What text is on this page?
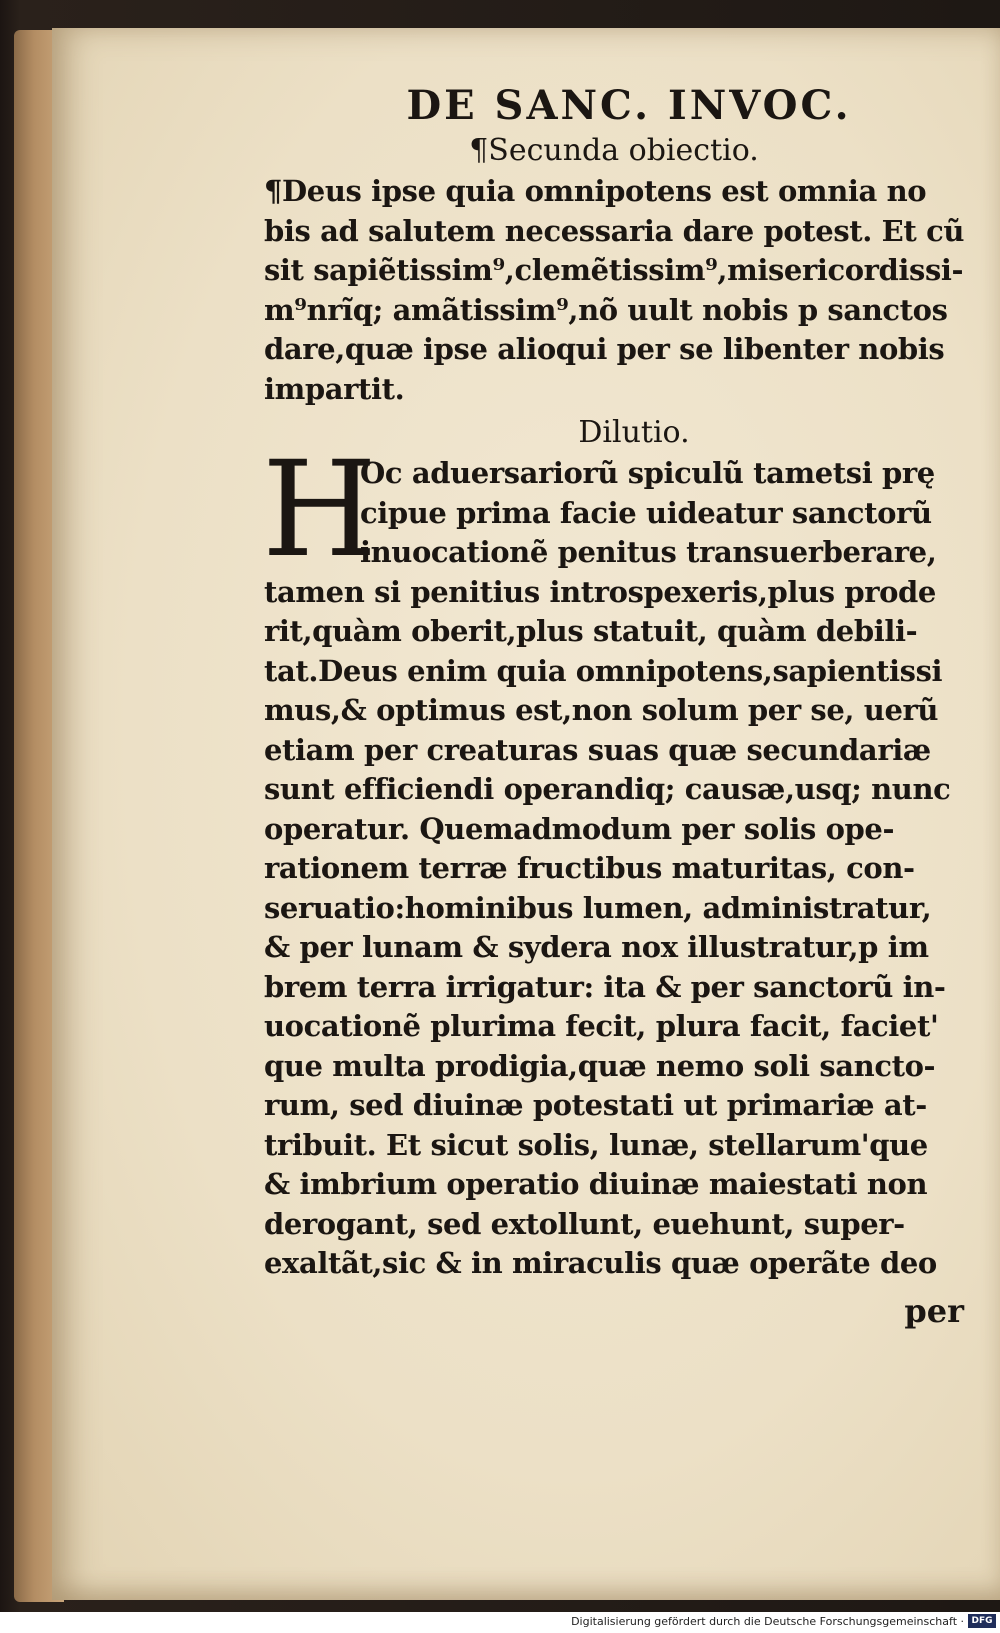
DE SANC. INVOC.
¶Secunda obiectio.

¶Deus ipse quia omnipotens est omnia no
bis ad salutem necessaria dare potest. Et cũ
sit sapiẽtissim⁹,clemẽtissim⁹,misericordissi-
m⁹nrĩq; amãtissim⁹,nõ uult nobis p sanctos
dare,quæ ipse alioqui per se libenter nobis
impartit.

Dilutio.
H

Oc aduersariorũ spiculũ tametsi prę
cipue prima facie uideatur sanctorũ
inuocationẽ penitus transuerberare,
tamen si penitius introspexeris,plus prode
rit,quàm oberit,plus statuit, quàm debili-
tat.Deus enim quia omnipotens,sapientissi
mus,& optimus est,non solum per se, uerũ
etiam per creaturas suas quæ secundariæ
sunt efficiendi operandiq; causæ,usq; nunc
operatur. Quemadmodum per solis ope-
rationem terræ fructibus maturitas, con-
seruatio:hominibus lumen, administratur,
& per lunam & sydera nox illustratur,p im
brem terra irrigatur: ita & per sanctorũ in-
uocationẽ plurima fecit, plura facit, faciet'
que multa prodigia,quæ nemo soli sancto-
rum, sed diuinæ potestati ut primariæ at-
tribuit. Et sicut solis, lunæ, stellarum'que
& imbrium operatio diuinæ maiestati non
derogant, sed extollunt, euehunt, super-
exaltãt,sic & in miraculis quæ operãte deo

per
Digitalisierung gefördert durch die Deutsche Forschungsgemeinschaft · DFG
